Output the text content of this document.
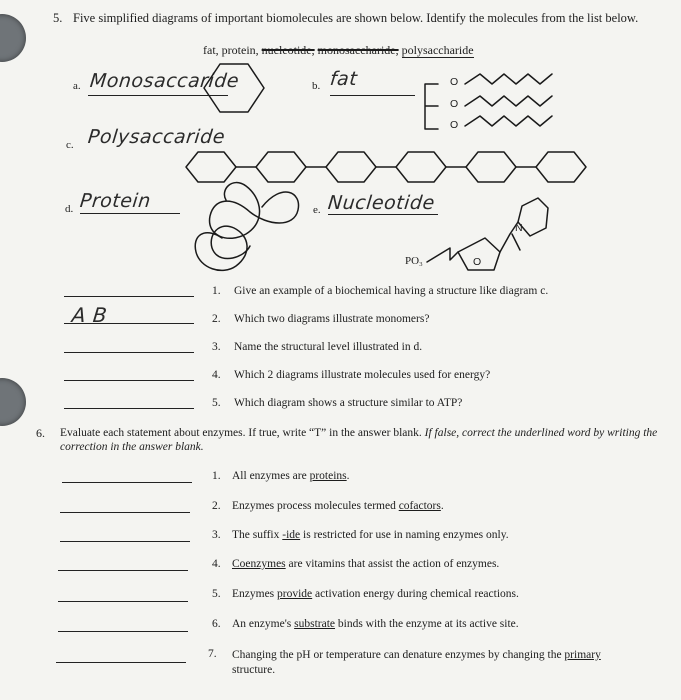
5. Five simplified diagrams of important biomolecules are shown below. Identify the molecules from the list below.
fat, protein, nucleotide, monosaccharide, polysaccharide
a. Monosaccaride	b. fat
c. Polysaccaride
d. Protein	e. Nucleotide
O
O
O
PO₃	O
N
1. Give an example of a biochemical having a structure like diagram c.
A B	2. Which two diagrams illustrate monomers?
3. Name the structural level illustrated in d.
4. Which 2 diagrams illustrate molecules used for energy?
5. Which diagram shows a structure similar to ATP?
6. Evaluate each statement about enzymes. If true, write “T” in the answer blank. If false, correct the underlined word by writing the correction in the answer blank.
1. All enzymes are proteins.
2. Enzymes process molecules termed cofactors.
3. The suffix -ide is restricted for use in naming enzymes only.
4. Coenzymes are vitamins that assist the action of enzymes.
5. Enzymes provide activation energy during chemical reactions.
6. An enzyme's substrate binds with the enzyme at its active site.
7. Changing the pH or temperature can denature enzymes by changing the primary
structure.
